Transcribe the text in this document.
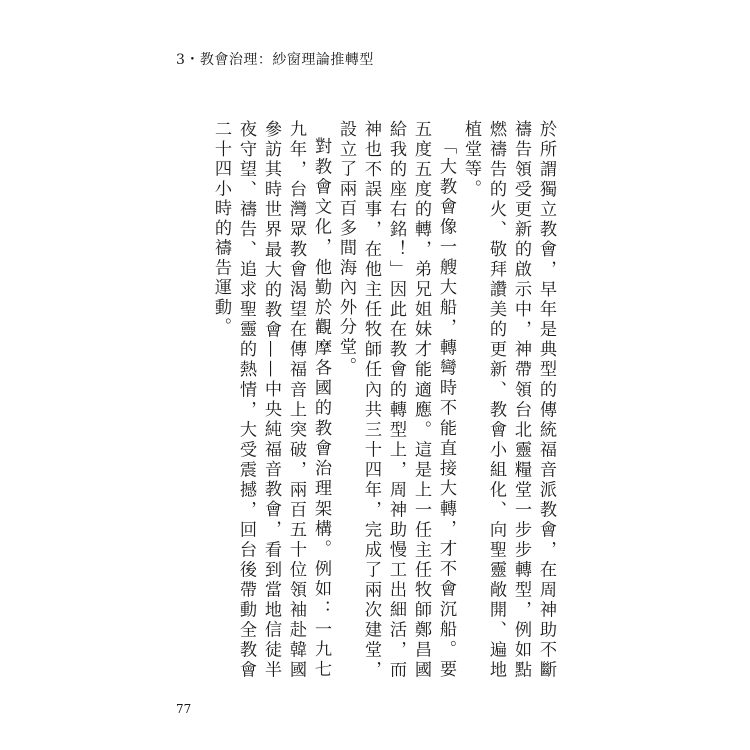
3・教會治理：紗窗理論推轉型

於所謂獨立教會，早年是典型的傳統福音派教會，在周神助不斷禱告領受更新的啟示中，神帶領台北靈糧堂一步步轉型，例如點燃禱告的火、敬拜讚美的更新、教會小組化、向聖靈敞開、遍地植堂等。

「大教會像一艘大船，轉彎時不能直接大轉，才不會沉船。要五度五度的轉，弟兄姐妹才能適應。這是上一任主任牧師鄭昌國給我的座右銘！」因此在教會的轉型上，周神助慢工出細活，而神也不誤事，在他主任牧師任內共三十四年，完成了兩次建堂，設立了兩百多間海內外分堂。

對教會文化，他勤於觀摩各國的教會治理架構。例如：一九七九年，台灣眾教會渴望在傳福音上突破，兩百五十位領袖赴韓國參訪其時世界最大的教會——中央純福音教會，看到當地信徒半夜守望、禱告、追求聖靈的熱情，大受震撼，回台後帶動全教會二十四小時的禱告運動。

77
